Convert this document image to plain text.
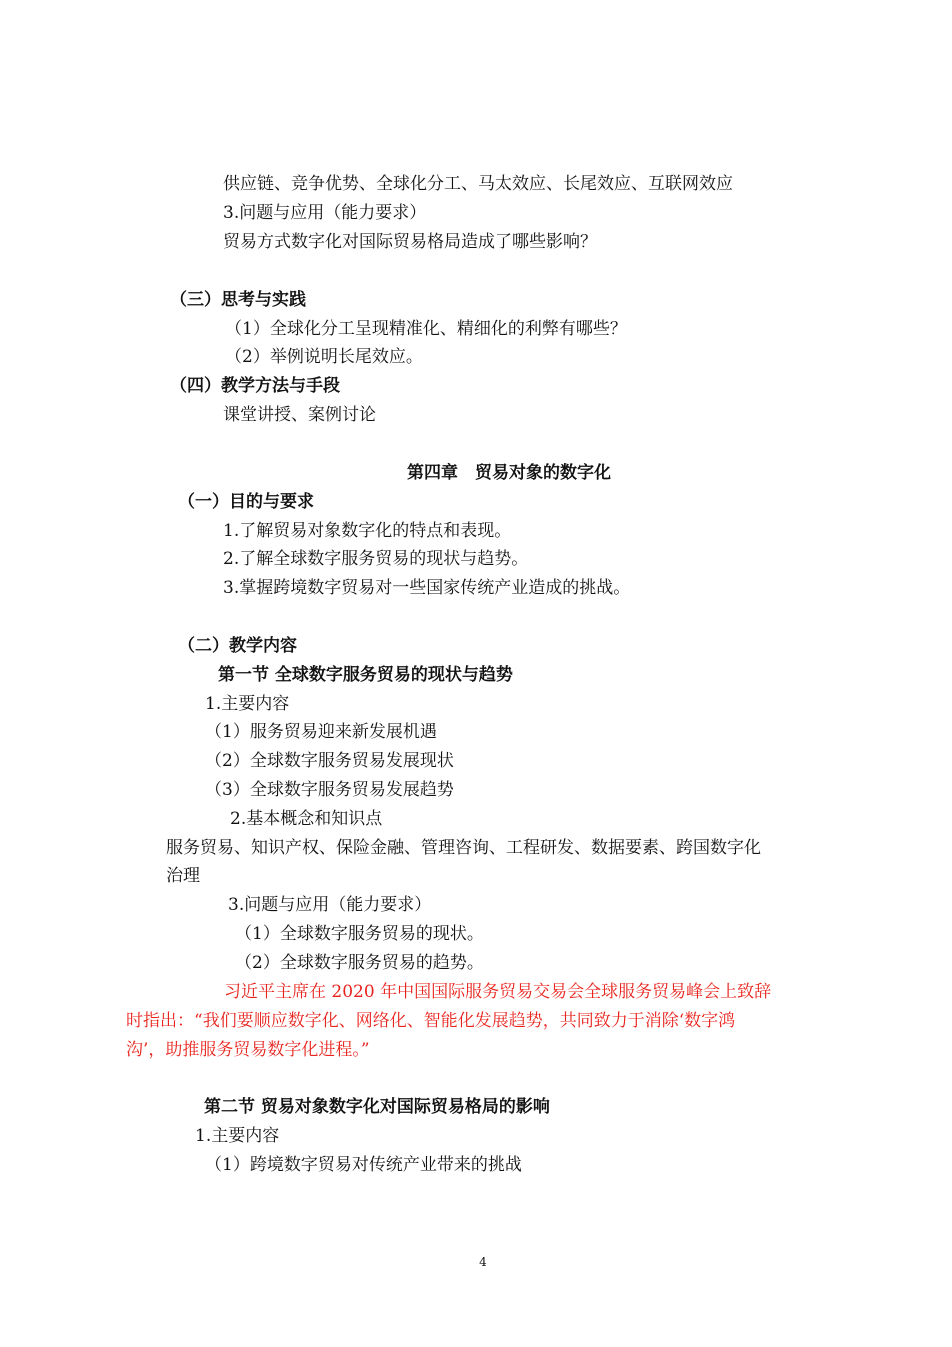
供应链、竞争优势、全球化分工、马太效应、长尾效应、互联网效应
3.问题与应用（能力要求）
贸易方式数字化对国际贸易格局造成了哪些影响？
（三）思考与实践
（1）全球化分工呈现精准化、精细化的利弊有哪些？
（2）举例说明长尾效应。
（四）教学方法与手段
课堂讲授、案例讨论
第四章　贸易对象的数字化
（一）目的与要求
1.了解贸易对象数字化的特点和表现。
2.了解全球数字服务贸易的现状与趋势。
3.掌握跨境数字贸易对一些国家传统产业造成的挑战。
（二）教学内容
第一节 全球数字服务贸易的现状与趋势
1.主要内容
（1）服务贸易迎来新发展机遇
（2）全球数字服务贸易发展现状
（3）全球数字服务贸易发展趋势
2.基本概念和知识点
服务贸易、知识产权、保险金融、管理咨询、工程研发、数据要素、跨国数字化
治理
3.问题与应用（能力要求）
（1）全球数字服务贸易的现状。
（2）全球数字服务贸易的趋势。
习近平主席在 2020 年中国国际服务贸易交易会全球服务贸易峰会上致辞
时指出：“我们要顺应数字化、网络化、智能化发展趋势，共同致力于消除‘数字鸿
沟’，助推服务贸易数字化进程。”
第二节 贸易对象数字化对国际贸易格局的影响
1.主要内容
（1）跨境数字贸易对传统产业带来的挑战
4
